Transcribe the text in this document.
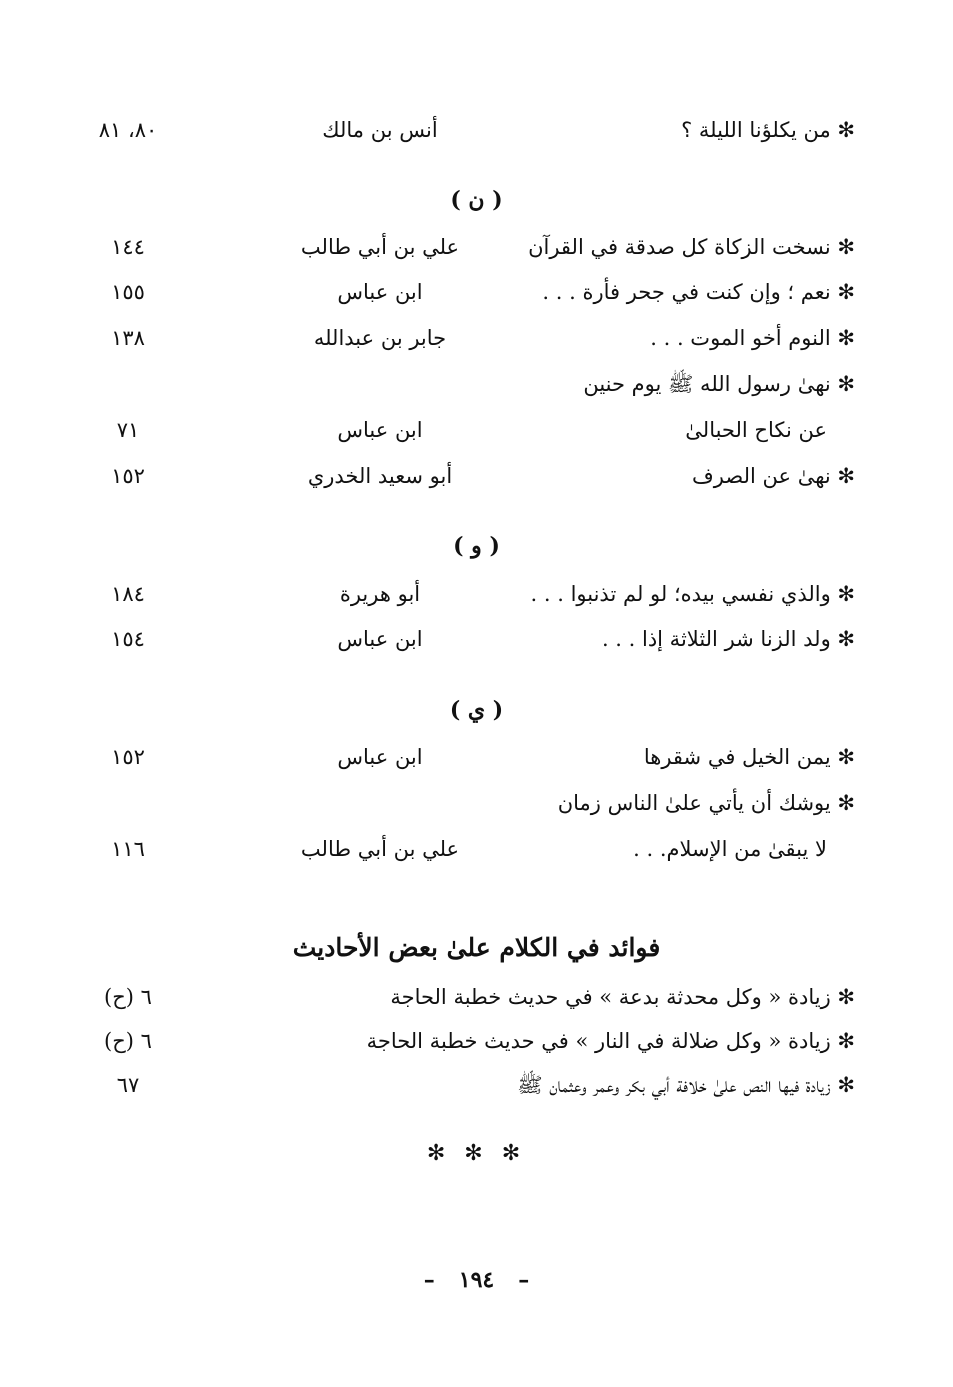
✻ من يكلؤنا الليلة ؟
أنس بن مالك
٨٠، ٨١
( ن )
✻ نسخت الزكاة كل صدقة في القرآن
علي بن أبي طالب
١٤٤
✻ نعم ؛ وإن كنت في جحر فأرة . . .
ابن عباس
١٥٥
✻ النوم أخو الموت . . .
جابر بن عبدالله
١٣٨
✻ نهىٰ رسول الله ﷺ يوم حنين
عن نكاح الحبالىٰ
ابن عباس
٧١
✻ نهىٰ عن الصرف
أبو سعيد الخدري
١٥٢
( و )
✻ والذي نفسي بيده؛ لو لم تذنبوا . . .
أبو هريرة
١٨٤
✻ ولد الزنا شر الثلاثة إذا . . .
ابن عباس
١٥٤
( ي )
✻ يمن الخيل في شقرها
ابن عباس
١٥٢
✻ يوشك أن يأتي علىٰ الناس زمان
لا يبقىٰ من الإسلام. . .
علي بن أبي طالب
١١٦
فوائد في الكلام علىٰ بعض الأحاديث
✻ زيادة « وكل محدثة بدعة » في حديث خطبة الحاجة
٦ (ح)
✻ زيادة « وكل ضلالة في النار » في حديث خطبة الحاجة
٦ (ح)
✻ زيادة فيها النص علىٰ خلافة أبي بكر وعمر وعثمان ﷺ
٦٧
✻ ✻ ✻
– ١٩٤ –
